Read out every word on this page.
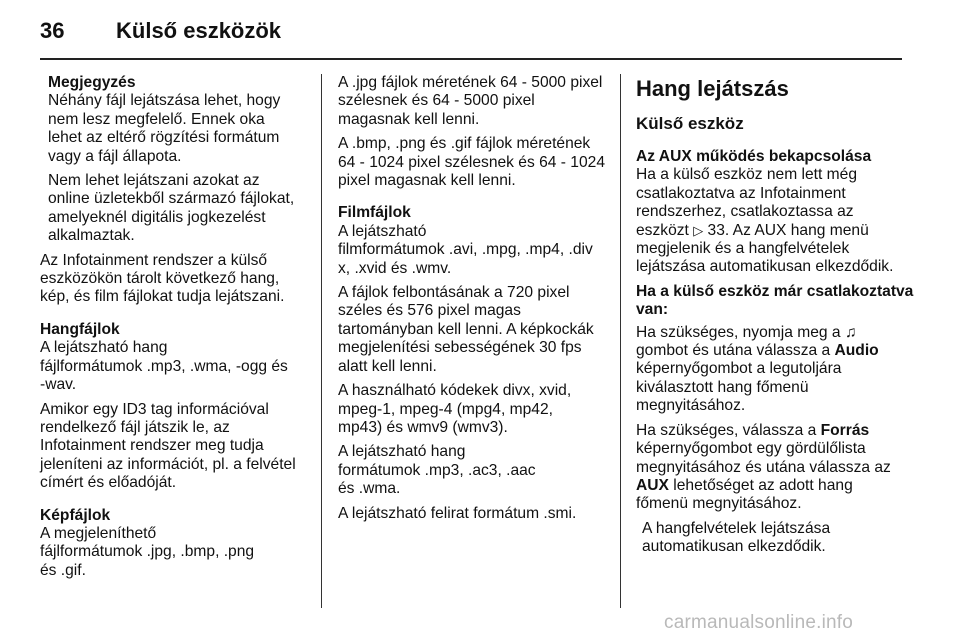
36	Külső eszközök
Megjegyzés

Néhány fájl lejátszása lehet, hogy
nem lesz megfelelő. Ennek oka
lehet az eltérő rögzítési formátum
vagy a fájl állapota.

Nem lehet lejátszani azokat az
online üzletekből származó fájlokat,
amelyeknél digitális jogkezelést
alkalmaztak.

Az Infotainment rendszer a külső
eszközökön tárolt következő hang,
kép, és film fájlokat tudja lejátszani.

Hangfájlok

A lejátszható hang
fájlformátumok .mp3, .wma, -ogg és
-wav.

Amikor egy ID3 tag információval
rendelkező fájl játszik le, az
Infotainment rendszer meg tudja
jeleníteni az információt, pl. a felvétel
címért és előadóját.

Képfájlok

A megjeleníthető
fájlformátumok .jpg, .bmp, .png
és .gif.

A .jpg fájlok méretének 64 - 5000 pixel
szélesnek és 64 - 5000 pixel
magasnak kell lenni.

A .bmp, .png és .gif fájlok méretének
64 - 1024 pixel szélesnek és 64 - 1024
pixel magasnak kell lenni.

Filmfájlok

A lejátszható
filmformátumok .avi, .mpg, .mp4, .div
x, .xvid és .wmv.

A fájlok felbontásának a 720 pixel
széles és 576 pixel magas
tartományban kell lenni. A képkockák
megjelenítési sebességének 30 fps
alatt kell lenni.

A használható kódekek divx, xvid,
mpeg-1, mpeg-4 (mpg4, mp42,
mp43) és wmv9 (wmv3).

A lejátszható hang
formátumok .mp3, .ac3, .aac
és .wma.

A lejátszható felirat formátum .smi.

Hang lejátszás
Külső eszköz
Az AUX működés bekapcsolása

Ha a külső eszköz nem lett még
csatlakoztatva az Infotainment
rendszerhez, csatlakoztassa az
eszközt ▷ 33. Az AUX hang menü
megjelenik és a hangfelvételek
lejátszása automatikusan elkezdődik.

Ha a külső eszköz már csatlakoztatva
van:

Ha szükséges, nyomja meg a ♫
gombot és utána válassza a Audio
képernyőgombot a legutoljára
kiválasztott hang főmenü
megnyitásához.

Ha szükséges, válassza a Forrás
képernyőgombot egy gördülőlista
megnyitásához és utána válassza az
AUX lehetőséget az adott hang
főmenü megnyitásához.

A hangfelvételek lejátszása
automatikusan elkezdődik.

carmanualsonline.info
